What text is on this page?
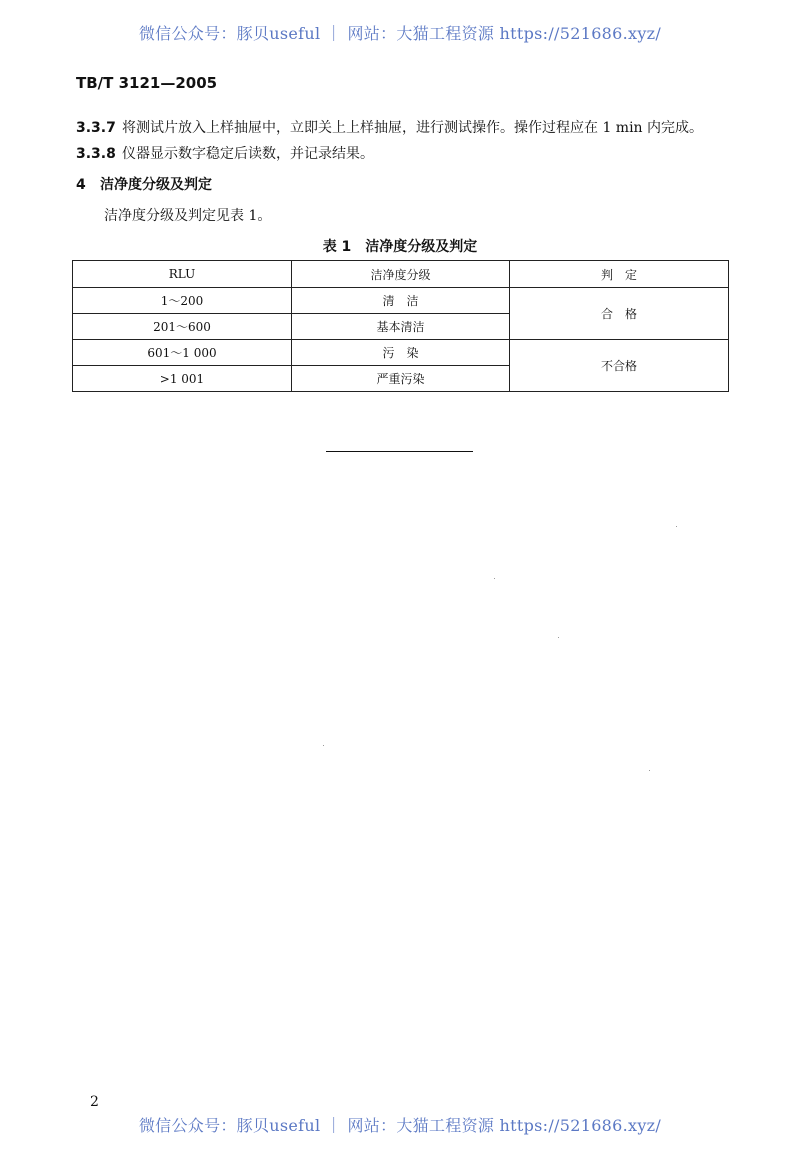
微信公众号：豚贝useful ｜ 网站：大猫工程资源 https://521686.xyz/
TB/T 3121—2005
3.3.7 将测试片放入上样抽屉中，立即关上上样抽屉，进行测试操作。操作过程应在 1 min 内完成。
3.3.8 仪器显示数字稳定后读数，并记录结果。
4 洁净度分级及判定
洁净度分级及判定见表 1。
表 1　洁净度分级及判定
RLU	洁净度分级	判　定
1～200	清　洁	合　格
201～600	基本清洁	
601～1 000	污　染	不合格
>1 001	严重污染	
2
微信公众号：豚贝useful ｜ 网站：大猫工程资源 https://521686.xyz/
